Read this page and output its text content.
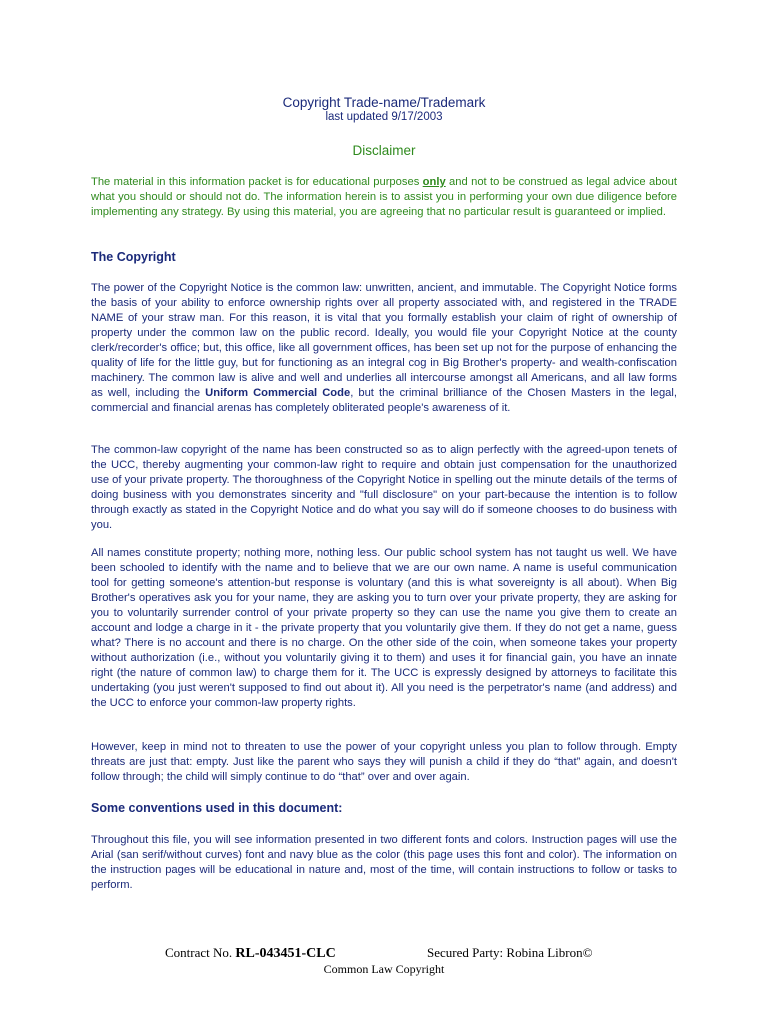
Copyright Trade-name/Trademark
last updated 9/17/2003
Disclaimer

The material in this information packet is for educational purposes only and not to be construed as legal advice about what you should or should not do. The information herein is to assist you in performing your own due diligence before implementing any strategy. By using this material, you are agreeing that no particular result is guaranteed or implied.

The Copyright

The power of the Copyright Notice is the common law: unwritten, ancient, and immutable. The Copyright Notice forms the basis of your ability to enforce ownership rights over all property associated with, and registered in the TRADE NAME of your straw man. For this reason, it is vital that you formally establish your claim of right of ownership of property under the common law on the public record. Ideally, you would file your Copyright Notice at the county clerk/recorder's office; but, this office, like all government offices, has been set up not for the purpose of enhancing the quality of life for the little guy, but for functioning as an integral cog in Big Brother's property- and wealth-confiscation machinery. The common law is alive and well and underlies all intercourse amongst all Americans, and all law forms as well, including the Uniform Commercial Code, but the criminal brilliance of the Chosen Masters in the legal, commercial and financial arenas has completely obliterated people's awareness of it.

The common-law copyright of the name has been constructed so as to align perfectly with the agreed-upon tenets of the UCC, thereby augmenting your common-law right to require and obtain just compensation for the unauthorized use of your private property. The thoroughness of the Copyright Notice in spelling out the minute details of the terms of doing business with you demonstrates sincerity and "full disclosure" on your part-because the intention is to follow through exactly as stated in the Copyright Notice and do what you say will do if someone chooses to do business with you.

All names constitute property; nothing more, nothing less. Our public school system has not taught us well. We have been schooled to identify with the name and to believe that we are our own name. A name is useful communication tool for getting someone's attention-but response is voluntary (and this is what sovereignty is all about). When Big Brother's operatives ask you for your name, they are asking you to turn over your private property, they are asking for you to voluntarily surrender control of your private property so they can use the name you give them to create an account and lodge a charge in it - the private property that you voluntarily give them. If they do not get a name, guess what? There is no account and there is no charge. On the other side of the coin, when someone takes your property without authorization (i.e., without you voluntarily giving it to them) and uses it for financial gain, you have an innate right (the nature of common law) to charge them for it. The UCC is expressly designed by attorneys to facilitate this undertaking (you just weren't supposed to find out about it). All you need is the perpetrator's name (and address) and the UCC to enforce your common-law property rights.

However, keep in mind not to threaten to use the power of your copyright unless you plan to follow through. Empty threats are just that: empty. Just like the parent who says they will punish a child if they do “that” again, and doesn't follow through; the child will simply continue to do “that” over and over again.

Some conventions used in this document:

Throughout this file, you will see information presented in two different fonts and colors. Instruction pages will use the Arial (san serif/without curves) font and navy blue as the color (this page uses this font and color). The information on the instruction pages will be educational in nature and, most of the time, will contain instructions to follow or tasks to perform.

Contract No. RL-043451-CLC	Secured Party: Robina Libron©
Common Law Copyright
